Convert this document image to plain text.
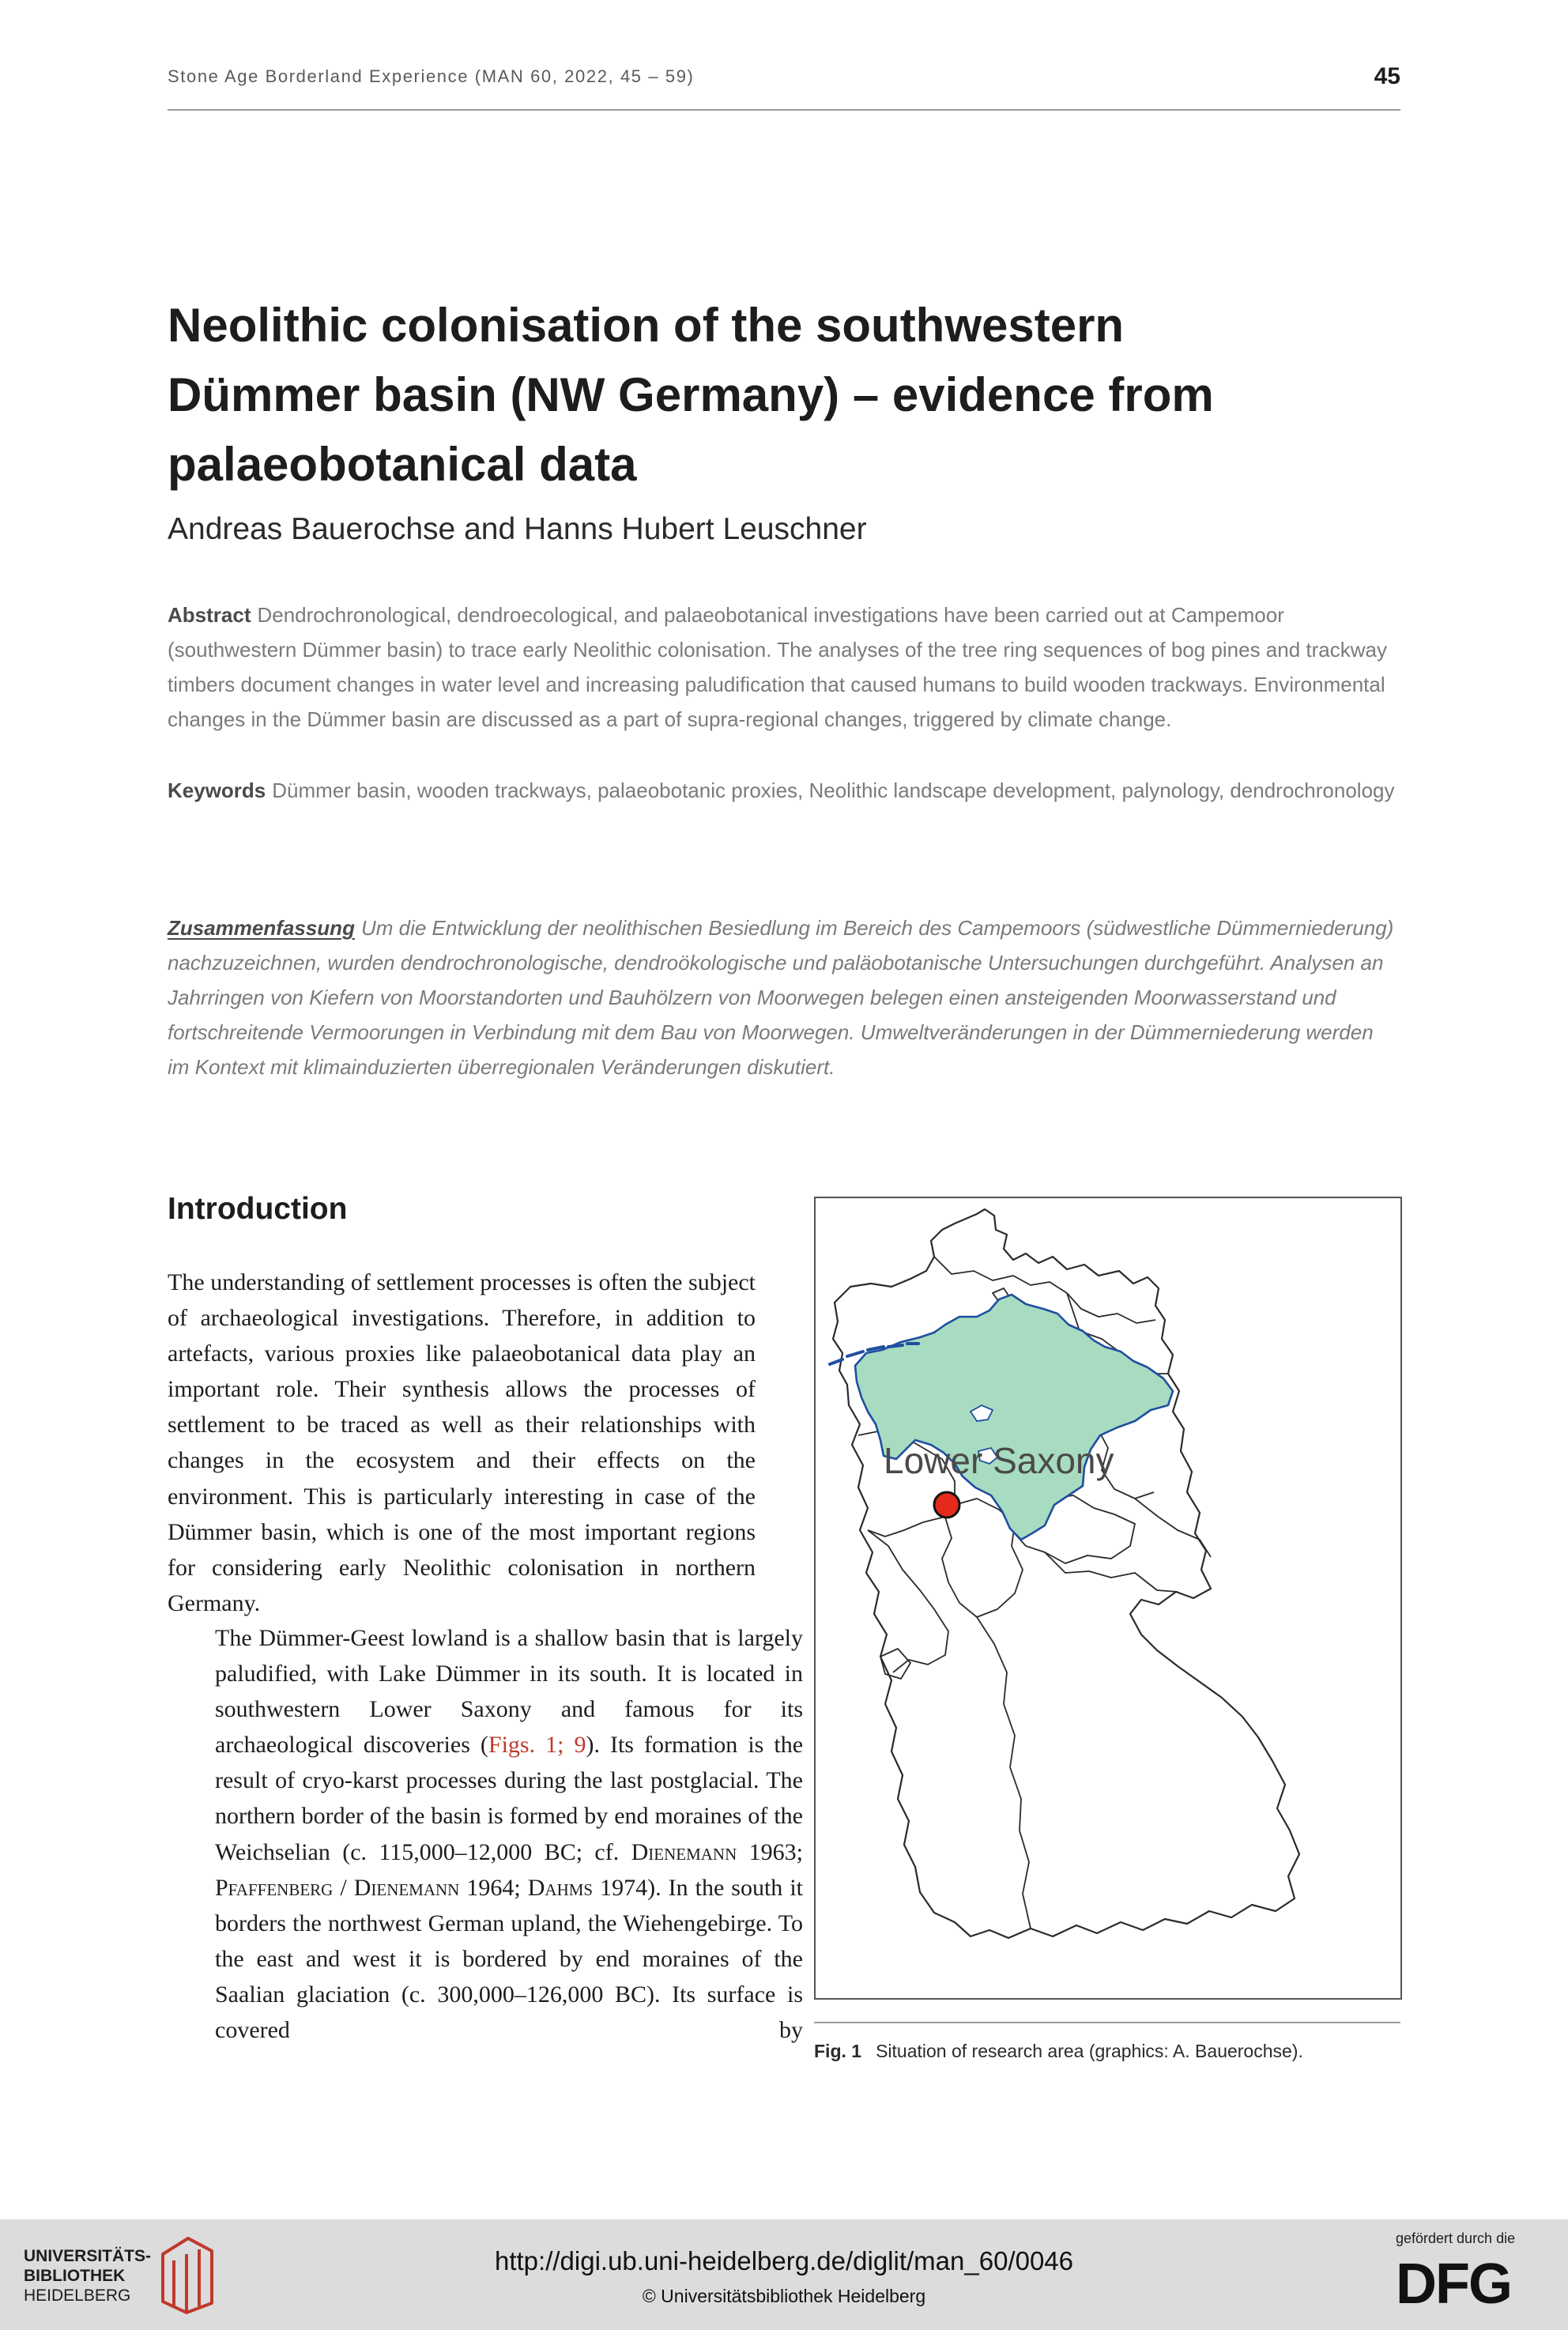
Stone Age Borderland Experience (MAN 60, 2022, 45 – 59)	45
Neolithic colonisation of the southwestern
Dümmer basin (NW Germany) – evidence from
palaeobotanical data
Andreas Bauerochse and Hanns Hubert Leuschner
Abstract Dendrochronological, dendroecological, and palaeobotanical investigations have been carried out at Campemoor (southwestern Dümmer basin) to trace early Neolithic colonisation. The analyses of the tree ring sequences of bog pines and trackway timbers document changes in water level and increasing paludification that caused humans to build wooden trackways. Environmental changes in the Dümmer basin are discussed as a part of supra-regional changes, triggered by climate change.
Keywords Dümmer basin, wooden trackways, palaeobotanic proxies, Neolithic landscape development, palynology, dendrochronology
Zusammenfassung Um die Entwicklung der neolithischen Besiedlung im Bereich des Campemoors (südwestliche Dümmerniederung) nachzuzeichnen, wurden dendrochronologische, dendroökologische und paläobotanische Untersuchungen durchgeführt. Analysen an Jahrringen von Kiefern von Moorstandorten und Bauhölzern von Moorwegen belegen einen ansteigenden Moorwasserstand und fortschreitende Vermoorungen in Verbindung mit dem Bau von Moorwegen. Umweltveränderungen in der Dümmerniederung werden im Kontext mit klimainduzierten überregionalen Veränderungen diskutiert.
Introduction
The understanding of settlement processes is often the subject of archaeological investigations. Therefore, in addition to artefacts, various proxies like palaeobotanical data play an important role. Their synthesis allows the processes of settlement to be traced as well as their relationships with changes in the ecosystem and their effects on the environment. This is particularly interesting in case of the Dümmer basin, which is one of the most important regions for considering early Neolithic colonisation in northern Germany.
The Dümmer-Geest lowland is a shallow basin that is largely paludified, with Lake Dümmer in its south. It is located in southwestern Lower Saxony and famous for its archaeological discoveries (Figs. 1; 9). Its formation is the result of cryo-karst processes during the last postglacial. The northern border of the basin is formed by end moraines of the Weichselian (c. 115,000–12,000 BC; cf. Dienemann 1963; Pfaffenberg / Dienemann 1964; Dahms 1974). In the south it borders the northwest German upland, the Wiehengebirge. To the east and west it is bordered by end moraines of the Saalian glaciation (c. 300,000–126,000 BC). Its surface is covered by
Lower Saxony
Fig. 1 Situation of research area (graphics: A. Bauerochse).
UNIVERSITÄTS-
BIBLIOTHEK
HEIDELBERG
http://digi.ub.uni-heidelberg.de/diglit/man_60/0046
© Universitätsbibliothek Heidelberg
gefördert durch die
DFG
